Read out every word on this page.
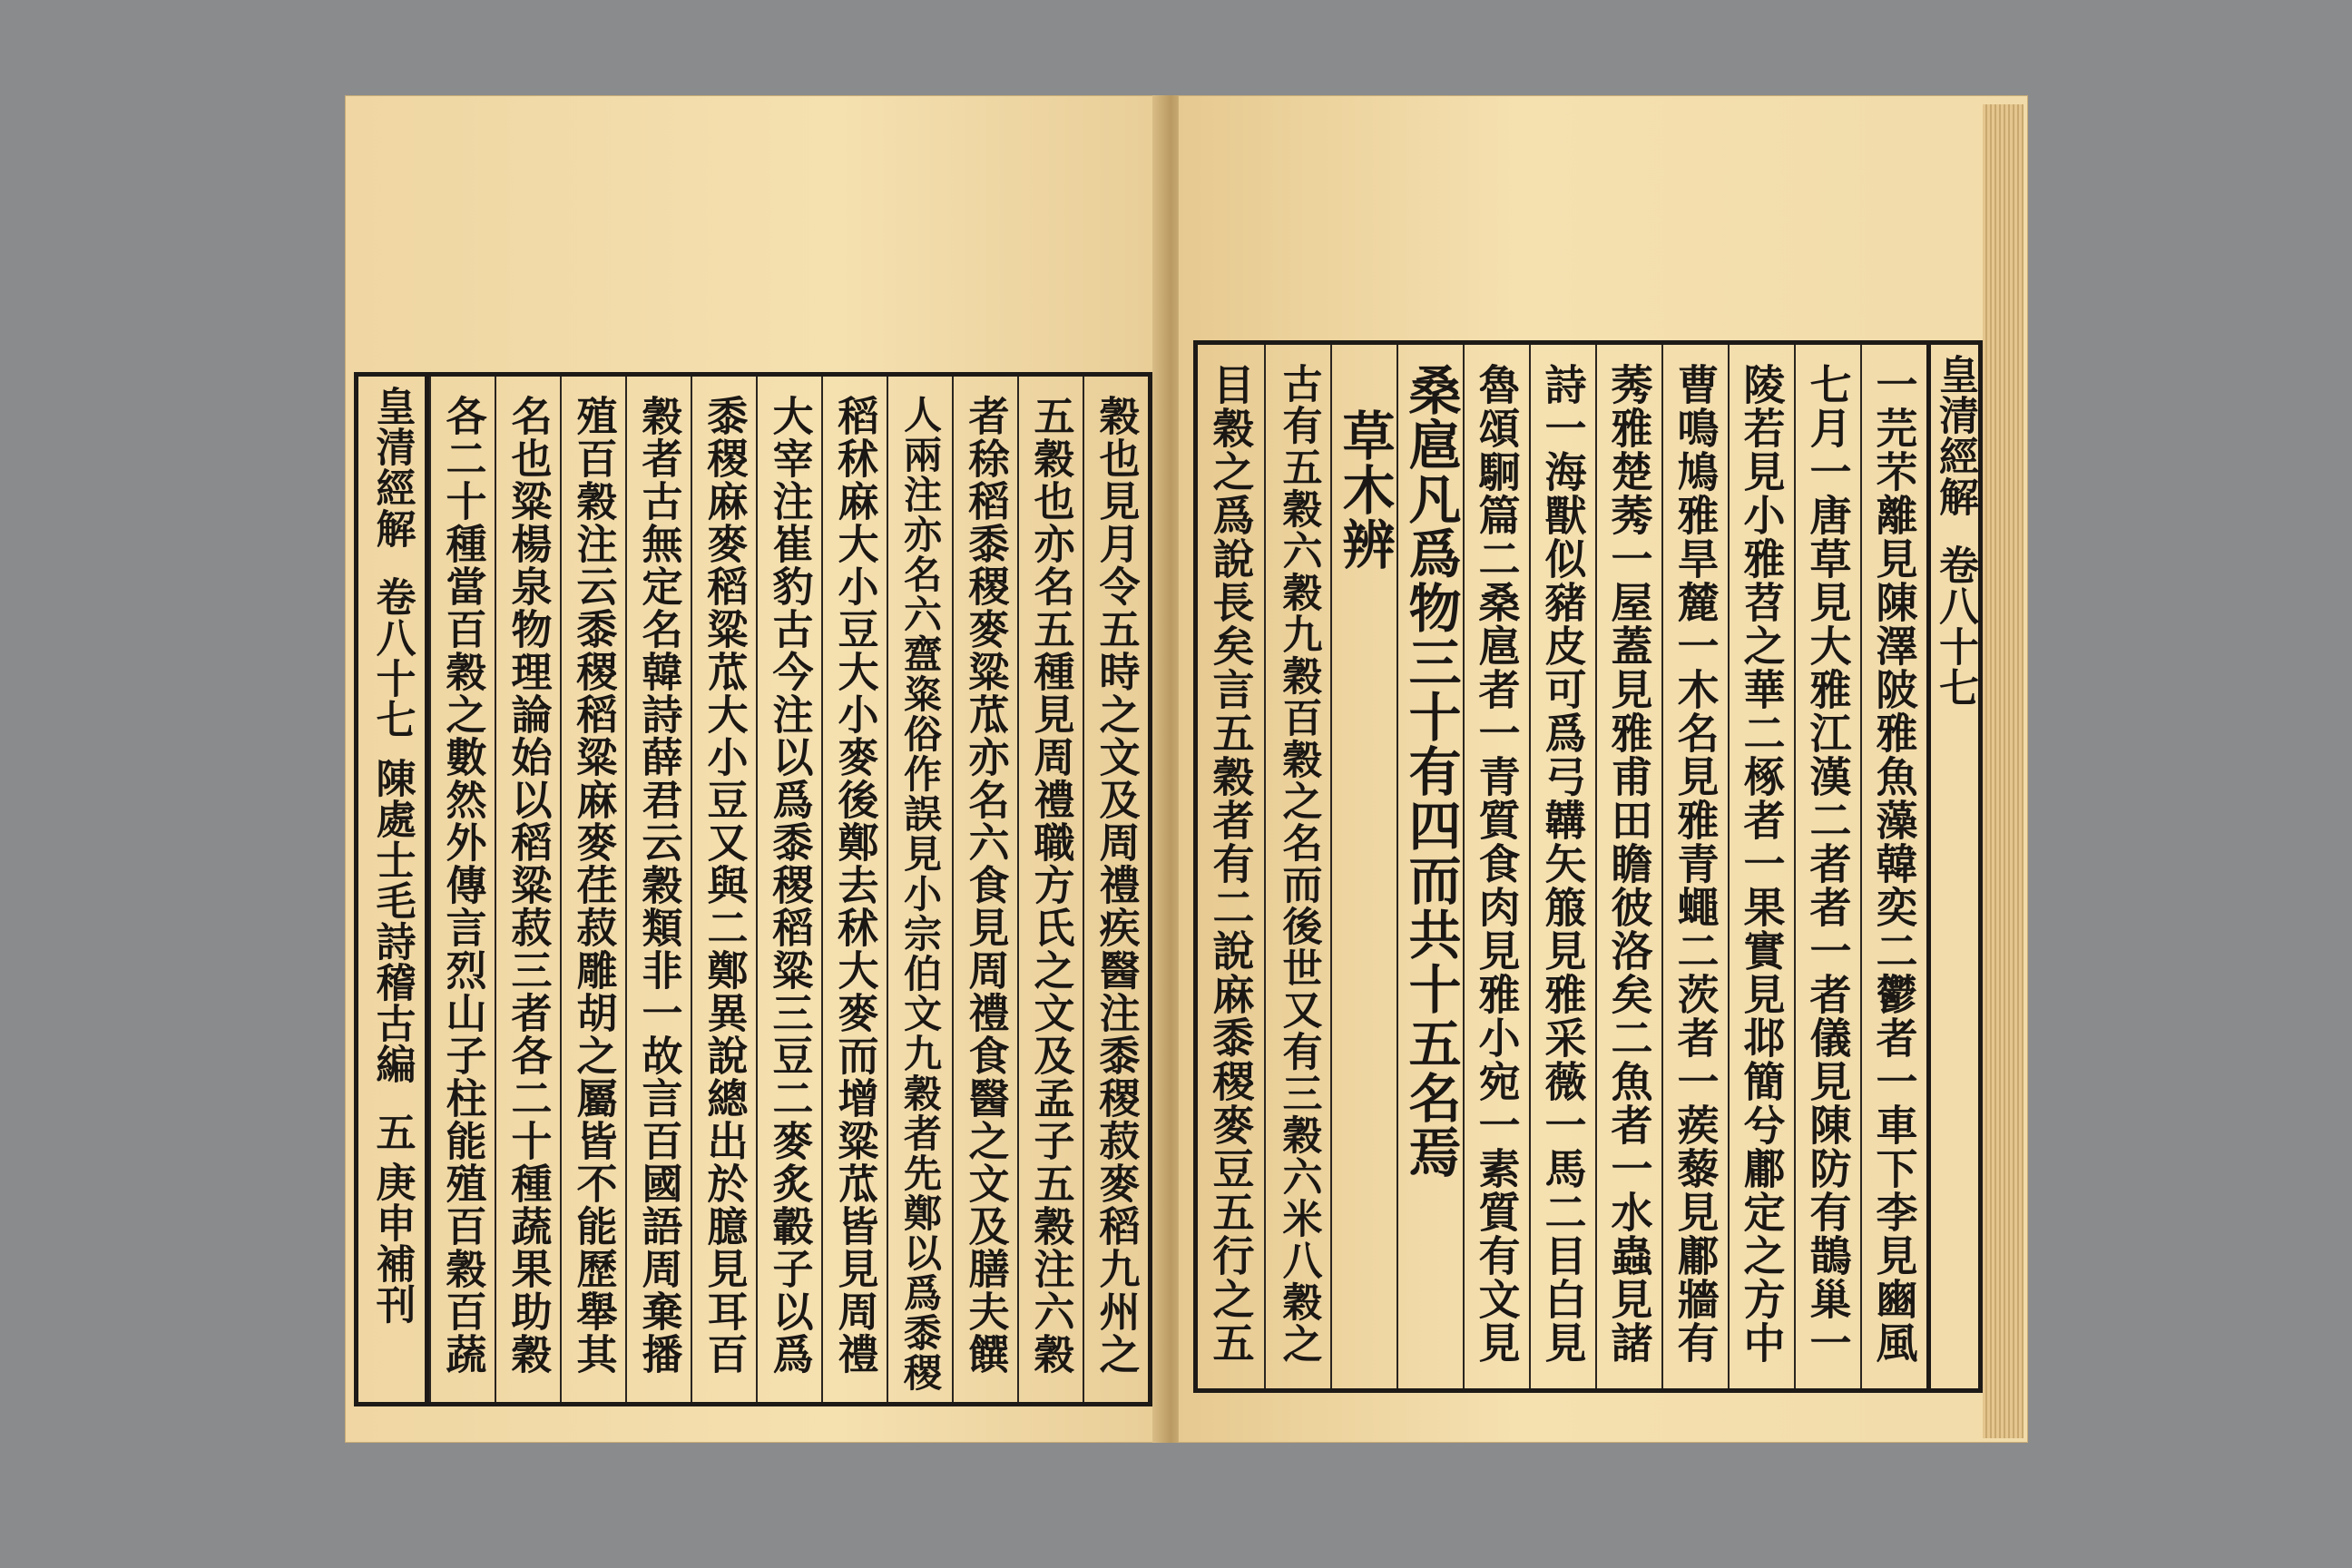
皇清經解
卷八十七
陳處士毛詩稽古編
五
庚申補刊 各二十種當百穀之數然外傳言烈山子柱能殖百穀百蔬 名也粱楊泉物理論始以稻粱菽三者各二十種蔬果助穀 殖百穀注云黍稷稻粱麻麥荏菽雕胡之屬皆不能歷舉其 穀者古無定名韓詩薛君云穀類非一故言百國語周棄播 黍稷麻麥稻粱苽大小豆又與二鄭異說總出於臆見耳百 大宰注崔豹古今注以爲黍稷稻粱三豆二麥炙轂子以爲 稻秫麻大小豆大小麥後鄭去秫大麥而增粱苽皆見周禮 人兩注亦名六齍粢俗作誤見小宗伯文九穀者先鄭以爲黍稷 者稌稻黍稷麥粱苽亦名六食見周禮食醫之文及膳夫饌 五穀也亦名五種見周禮職方氏之文及孟子五穀注六穀 穀也見月令五時之文及周禮疾醫注黍稷菽麥稻九州之 目穀之爲說長矣言五穀者有二說麻黍稷麥豆五行之五 古有五穀六穀九穀百穀之名而後世又有三穀六米八穀之 草木辨 桑扈凡爲物三十有四而共十五名焉 魯頌駉篇二桑扈者一青質食肉見雅小宛一素質有文見 詩一海獸似豬皮可爲弓韝矢箙見雅采薇一馬二目白見 莠雅楚莠一屋蓋見雅甫田瞻彼洛矣二魚者一水蟲見諸 曹鳴鳩雅旱麓一木名見雅青蠅二茨者一蒺藜見鄘牆有 陵若見小雅苕之華二椓者一果實見邶簡兮鄘定之方中 七月一唐草見大雅江漢二者者一者儀見陳防有鵲巢一 一芫芣離見陳澤陂雅魚藻韓奕二鬱者一車下李見豳風 皇清經解
卷八十七
